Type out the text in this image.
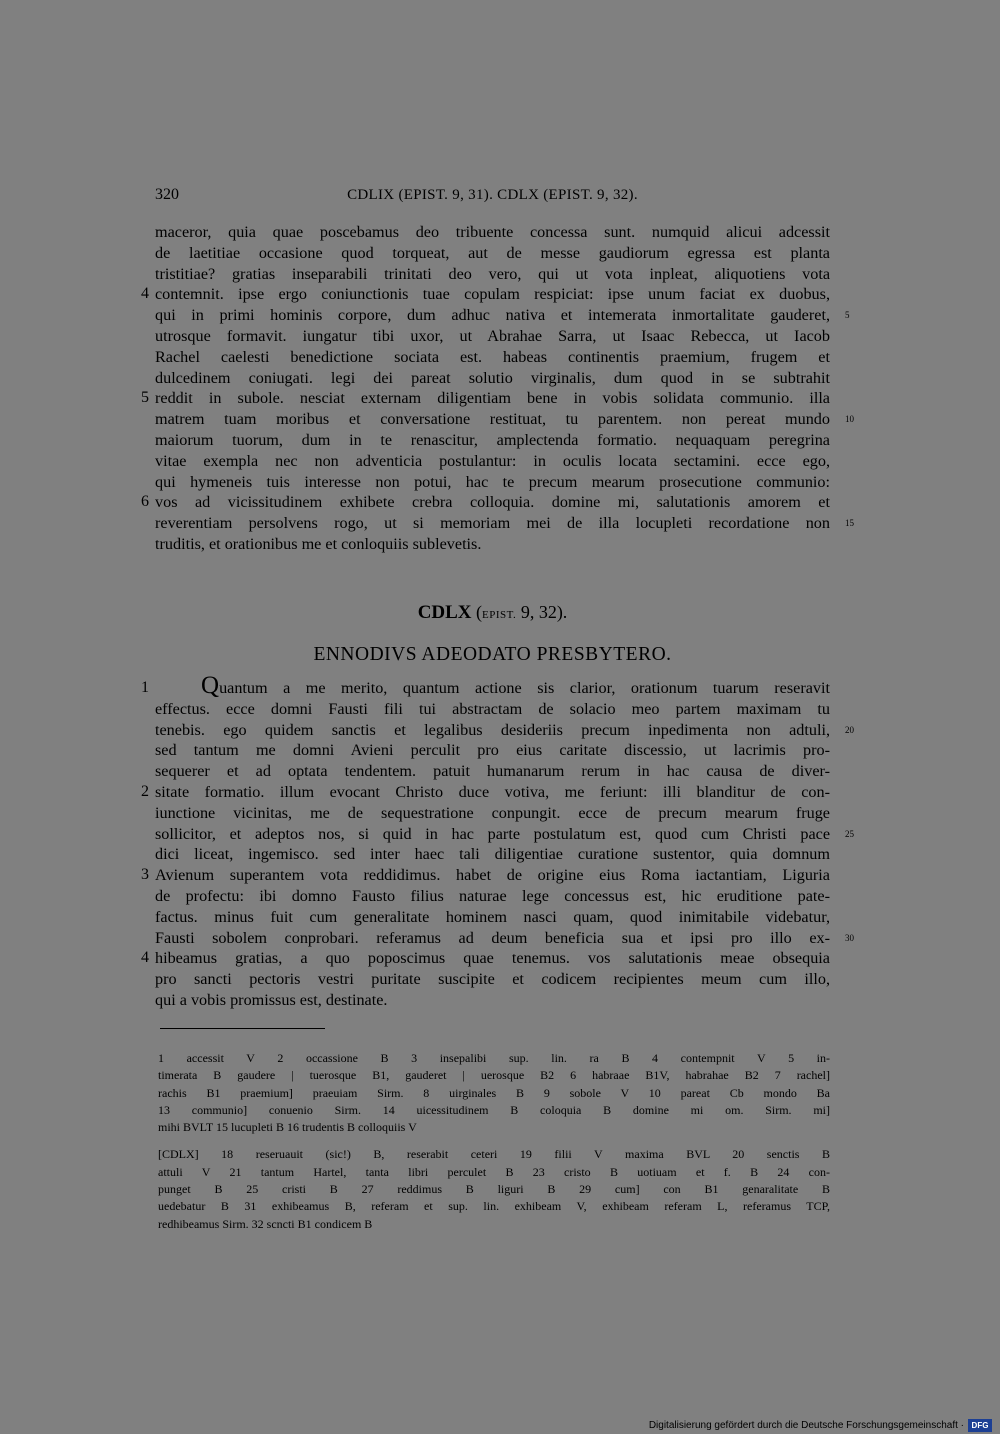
320	CDLIX (EPIST. 9, 31). CDLX (EPIST. 9, 32).
maceror, quia quae poscebamus deo tribuente concessa sunt. numquid alicui adcessit
de laetitiae occasione quod torqueat, aut de messe gaudiorum egressa est planta
tristitiae? gratias inseparabili trinitati deo vero, qui ut vota inpleat, aliquotiens vota
4 contemnit. ipse ergo coniunctionis tuae copulam respiciat: ipse unum faciat ex duobus,
qui in primi hominis corpore, dum adhuc nativa et intemerata inmortalitate gauderet, 5
utrosque formavit. iungatur tibi uxor, ut Abrahae Sarra, ut Isaac Rebecca, ut Iacob
Rachel caelesti benedictione sociata est. habeas continentis praemium, frugem et
dulcedinem coniugati. legi dei pareat solutio virginalis, dum quod in se subtrahit
5 reddit in subole. nesciat externam diligentiam bene in vobis solidata communio. illa
matrem tuam moribus et conversatione restituat, tu parentem. non pereat mundo 10
maiorum tuorum, dum in te renascitur, amplectenda formatio. nequaquam peregrina
vitae exempla nec non adventicia postulantur: in oculis locata sectamini. ecce ego,
qui hymeneis tuis interesse non potui, hac te precum mearum prosecutione communio:
6 vos ad vicissitudinem exhibete crebra colloquia. domine mi, salutationis amorem et
reverentiam persolvens rogo, ut si memoriam mei de illa locupleti recordatione non 15
truditis, et orationibus me et conloquiis sublevetis.
CDLX (EPIST. 9, 32).
ENNODIVS ADEODATO PRESBYTERO.
1	Quantum a me merito, quantum actione sis clarior, orationum tuarum reseravit
effectus. ecce domni Fausti fili tui abstractam de solacio meo partem maximam tu
tenebis. ego quidem sanctis et legalibus desideriis precum inpedimenta non adtuli, 20
sed tantum me domni Avieni perculit pro eius caritate discessio, ut lacrimis pro-
sequerer et ad optata tendentem. patuit humanarum rerum in hac causa de diver-
2 sitate formatio. illum evocant Christo duce votiva, me feriunt: illi blanditur de con-
iunctione vicinitas, me de sequestratione conpungit. ecce de precum mearum fruge
sollicitor, et adeptos nos, si quid in hac parte postulatum est, quod cum Christi pace 25
dici liceat, ingemisco. sed inter haec tali diligentiae curatione sustentor, quia domnum
3 Avienum superantem vota reddidimus. habet de origine eius Roma iactantiam, Liguria
de profectu: ibi domno Fausto filius naturae lege concessus est, hic eruditione pate-
factus. minus fuit cum generalitate hominem nasci quam, quod inimitabile videbatur,
Fausti sobolem conprobari. referamus ad deum beneficia sua et ipsi pro illo ex- 30
4 hibeamus gratias, a quo poposcimus quae tenemus. vos salutationis meae obsequia
pro sancti pectoris vestri puritate suscipite et codicem recipientes meum cum illo,
qui a vobis promissus est, destinate.
1 accessit V 2 occassione B 3 insepalibi sup. lin. ra B 4 contempnit V 5 in-
timerata B gaudere | tuerosque B1, gauderet | uerosque B2 6 habraae B1V, habrahae B2 7 rachel]
rachis B1 praemium] praeuiam Sirm. 8 uirginales B 9 sobole V 10 pareat Cb mondo Ba
13 communio] conuenio Sirm. 14 uicessitudinem B coloquia B domine mi om. Sirm. mi]
mihi BVLT 15 lucupleti B 16 trudentis B colloquiis V
[CDLX] 18 reseruauit (sic!) B, reserabit ceteri 19 filii V maxima BVL 20 senctis B
attuli V 21 tantum Hartel, tanta libri perculet B 23 cristo B uotiuam et f. B 24 con-
punget B 25 cristi B 27 reddimus B liguri B 29 cum] con B1 genaralitate B
uedebatur B 31 exhibeamus B, referam et sup. lin. exhibeam V, exhibeam referam L, referamus TCP,
redhibeamus Sirm. 32 scncti B1 condicem B
Digitalisierung gefördert durch die Deutsche Forschungsgemeinschaft · DFG
